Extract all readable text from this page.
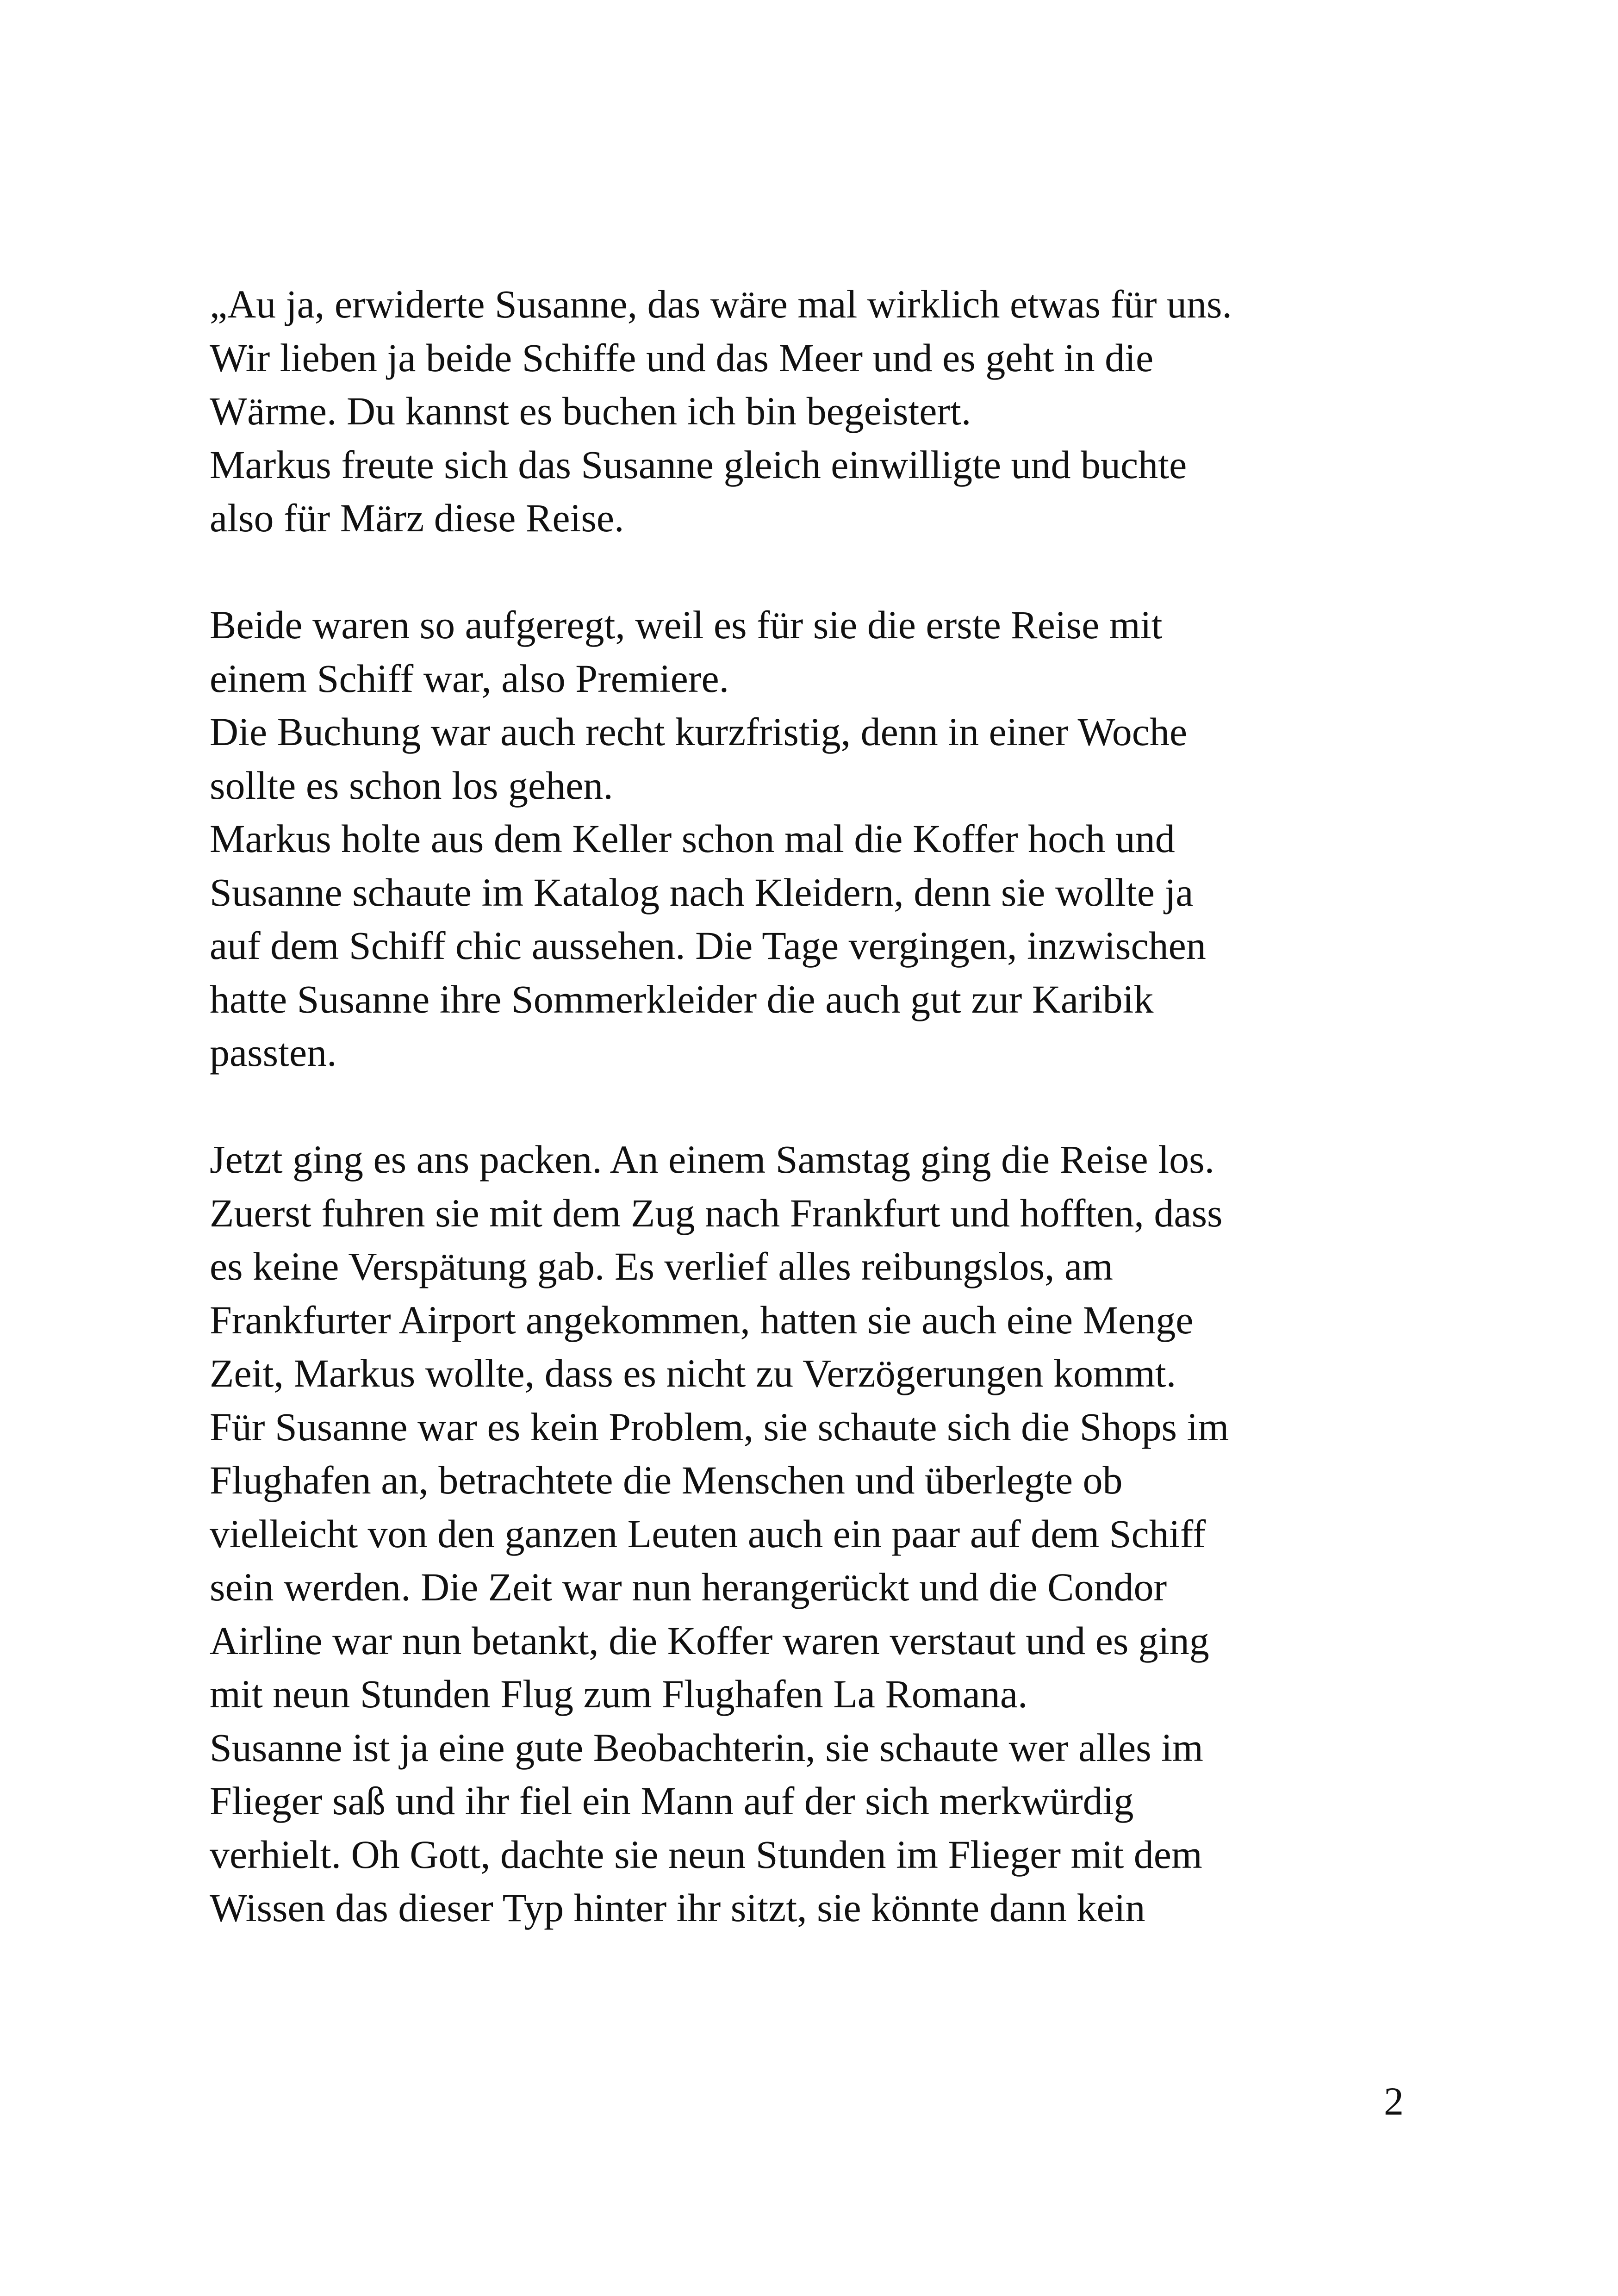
„Au ja, erwiderte Susanne, das wäre mal wirklich etwas für uns.
Wir lieben ja beide Schiffe und das Meer und es geht in die
Wärme. Du kannst es buchen ich bin begeistert.
Markus freute sich das Susanne gleich einwilligte und buchte
also für März diese Reise.
Beide waren so aufgeregt, weil es für sie die erste Reise mit
einem Schiff war, also Premiere.
Die Buchung war auch recht kurzfristig, denn in einer Woche
sollte es schon los gehen.
Markus holte aus dem Keller schon mal die Koffer hoch und
Susanne schaute im Katalog nach Kleidern, denn sie wollte ja
auf dem Schiff chic aussehen. Die Tage vergingen, inzwischen
hatte Susanne ihre Sommerkleider die auch gut zur Karibik
passten.
Jetzt ging es ans packen. An einem Samstag ging die Reise los.
Zuerst fuhren sie mit dem Zug nach Frankfurt und hofften, dass
es keine Verspätung gab. Es verlief alles reibungslos, am
Frankfurter Airport angekommen, hatten sie auch eine Menge
Zeit, Markus wollte, dass es nicht zu Verzögerungen kommt.
Für Susanne war es kein Problem, sie schaute sich die Shops im
Flughafen an, betrachtete die Menschen und überlegte ob
vielleicht von den ganzen Leuten auch ein paar auf dem Schiff
sein werden. Die Zeit war nun herangerückt und die Condor
Airline war nun betankt, die Koffer waren verstaut und es ging
mit neun Stunden Flug zum Flughafen La Romana.
Susanne ist ja eine gute Beobachterin, sie schaute wer alles im
Flieger saß und ihr fiel ein Mann auf der sich merkwürdig
verhielt. Oh Gott, dachte sie neun Stunden im Flieger mit dem
Wissen das dieser Typ hinter ihr sitzt, sie könnte dann kein
2
